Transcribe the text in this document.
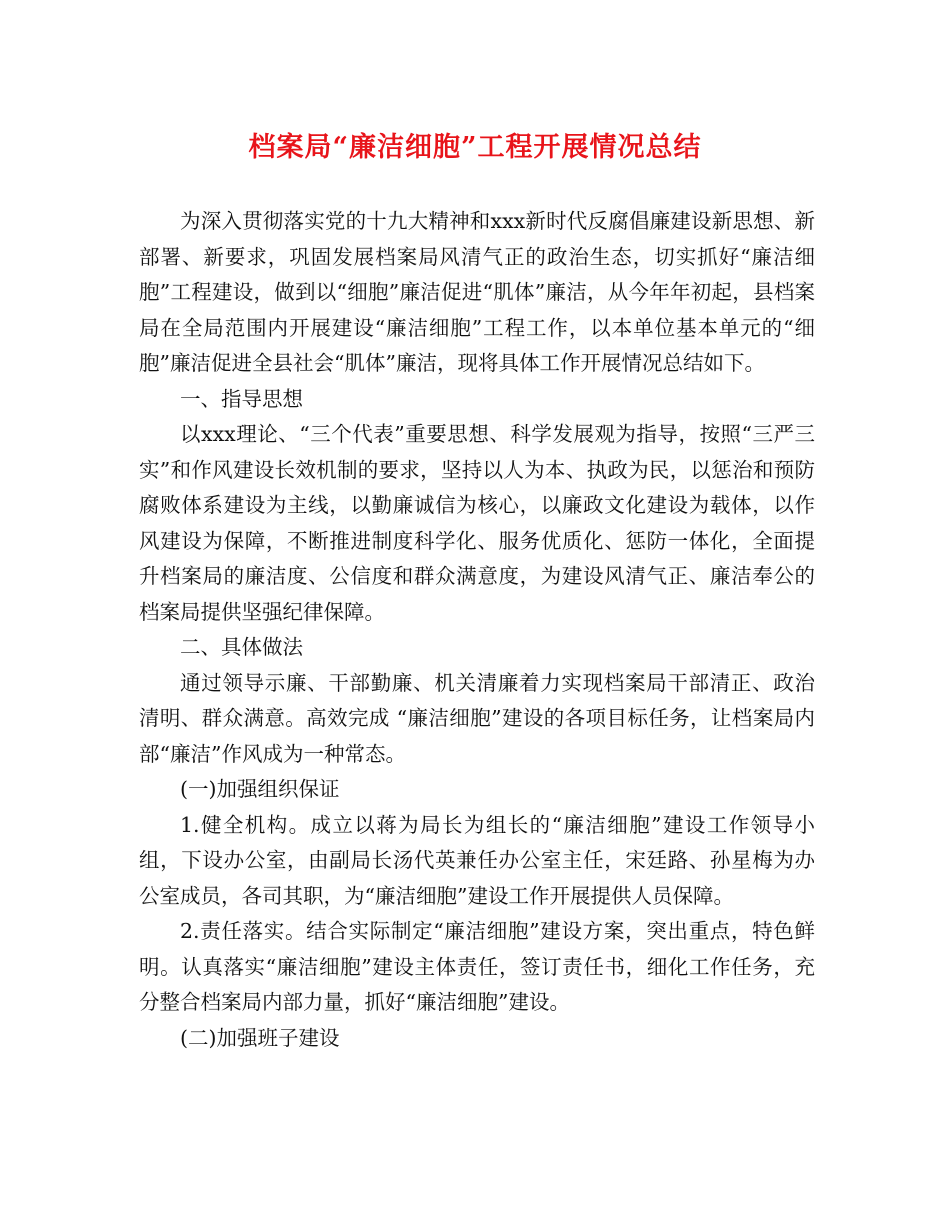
档案局“廉洁细胞”工程开展情况总结

为深入贯彻落实党的十九大精神和xxx新时代反腐倡廉建设新思想、新部署、新要求，巩固发展档案局风清气正的政治生态，切实抓好“廉洁细胞”工程建设，做到以“细胞”廉洁促进“肌体”廉洁，从今年年初起，县档案局在全局范围内开展建设“廉洁细胞”工程工作，以本单位基本单元的“细胞”廉洁促进全县社会“肌体”廉洁，现将具体工作开展情况总结如下。

一、指导思想

以xxx理论、“三个代表”重要思想、科学发展观为指导，按照“三严三实”和作风建设长效机制的要求，坚持以人为本、执政为民，以惩治和预防腐败体系建设为主线，以勤廉诚信为核心，以廉政文化建设为载体，以作风建设为保障，不断推进制度科学化、服务优质化、惩防一体化，全面提升档案局的廉洁度、公信度和群众满意度，为建设风清气正、廉洁奉公的档案局提供坚强纪律保障。

二、具体做法

通过领导示廉、干部勤廉、机关清廉着力实现档案局干部清正、政治清明、群众满意。高效完成 “廉洁细胞”建设的各项目标任务，让档案局内部“廉洁”作风成为一种常态。

(一)加强组织保证

1.健全机构。成立以蒋为局长为组长的“廉洁细胞”建设工作领导小组，下设办公室，由副局长汤代英兼任办公室主任，宋廷路、孙星梅为办公室成员，各司其职，为“廉洁细胞”建设工作开展提供人员保障。

2.责任落实。结合实际制定“廉洁细胞”建设方案，突出重点，特色鲜明。认真落实“廉洁细胞”建设主体责任，签订责任书，细化工作任务，充分整合档案局内部力量，抓好“廉洁细胞”建设。

(二)加强班子建设
